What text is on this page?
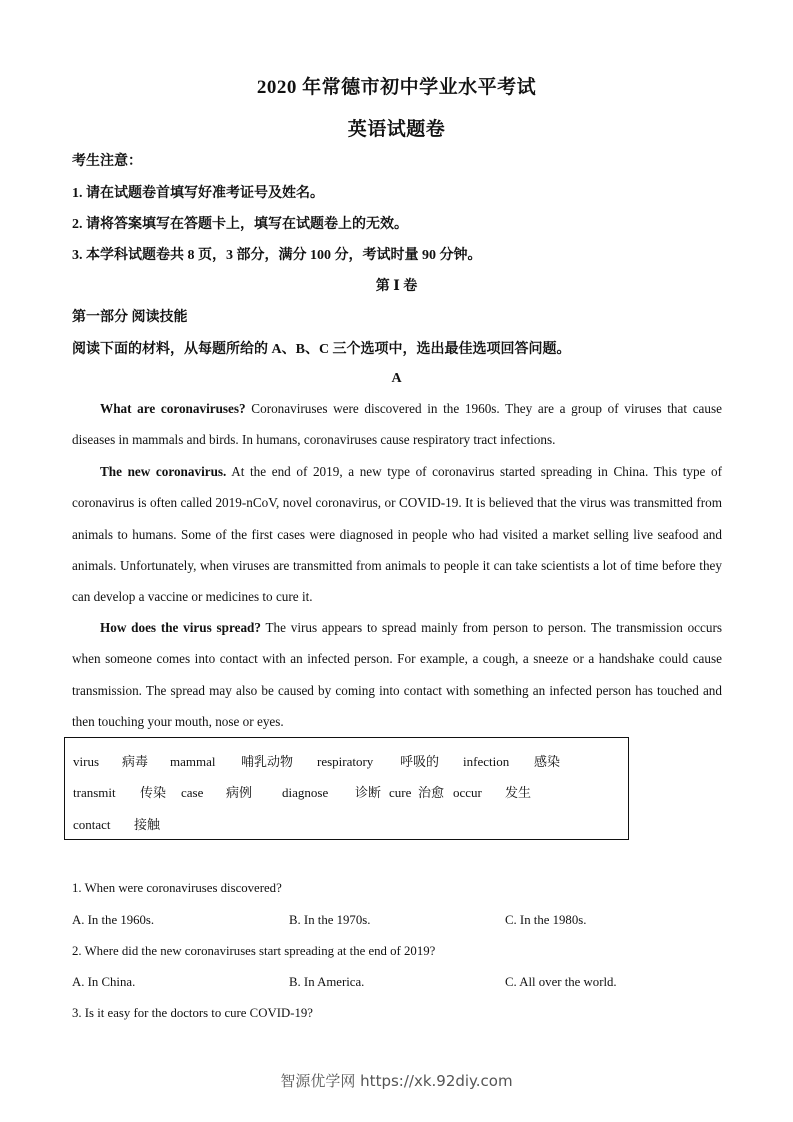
2020 年常德市初中学业水平考试
英语试题卷
考生注意：
1. 请在试题卷首填写好准考证号及姓名。
2. 请将答案填写在答题卡上，填写在试题卷上的无效。
3. 本学科试题卷共 8 页，3 部分，满分 100 分，考试时量 90 分钟。
第 Ⅰ 卷
第一部分 阅读技能
阅读下面的材料，从每题所给的 A、B、C 三个选项中，选出最佳选项回答问题。
A
What are coronaviruses? Coronaviruses were discovered in the 1960s. They are a group of viruses that cause diseases in mammals and birds. In humans, coronaviruses cause respiratory tract infections.
The new coronavirus. At the end of 2019, a new type of coronavirus started spreading in China. This type of coronavirus is often called 2019-nCoV, novel coronavirus, or COVID-19. It is believed that the virus was transmitted from animals to humans. Some of the first cases were diagnosed in people who had visited a market selling live seafood and animals. Unfortunately, when viruses are transmitted from animals to people it can take scientists a lot of time before they can develop a vaccine or medicines to cure it.
How does the virus spread? The virus appears to spread mainly from person to person. The transmission occurs when someone comes into contact with an infected person. For example, a cough, a sneeze or a handshake could cause transmission. The spread may also be caused by coming into contact with something an infected person has touched and then touching your mouth, nose or eyes.
virus 病毒 mammal 哺乳动物 respiratory 呼吸的 infection 感染
transmit 传染 case 病例 diagnose 诊断 cure 治愈 occur 发生
contact 接触
1. When were coronaviruses discovered?
A. In the 1960s.	B. In the 1970s.	C. In the 1980s.
2. Where did the new coronaviruses start spreading at the end of 2019?
A. In China.	B. In America.	C. All over the world.
3. Is it easy for the doctors to cure COVID-19?
智源优学网 https://xk.92diy.com
